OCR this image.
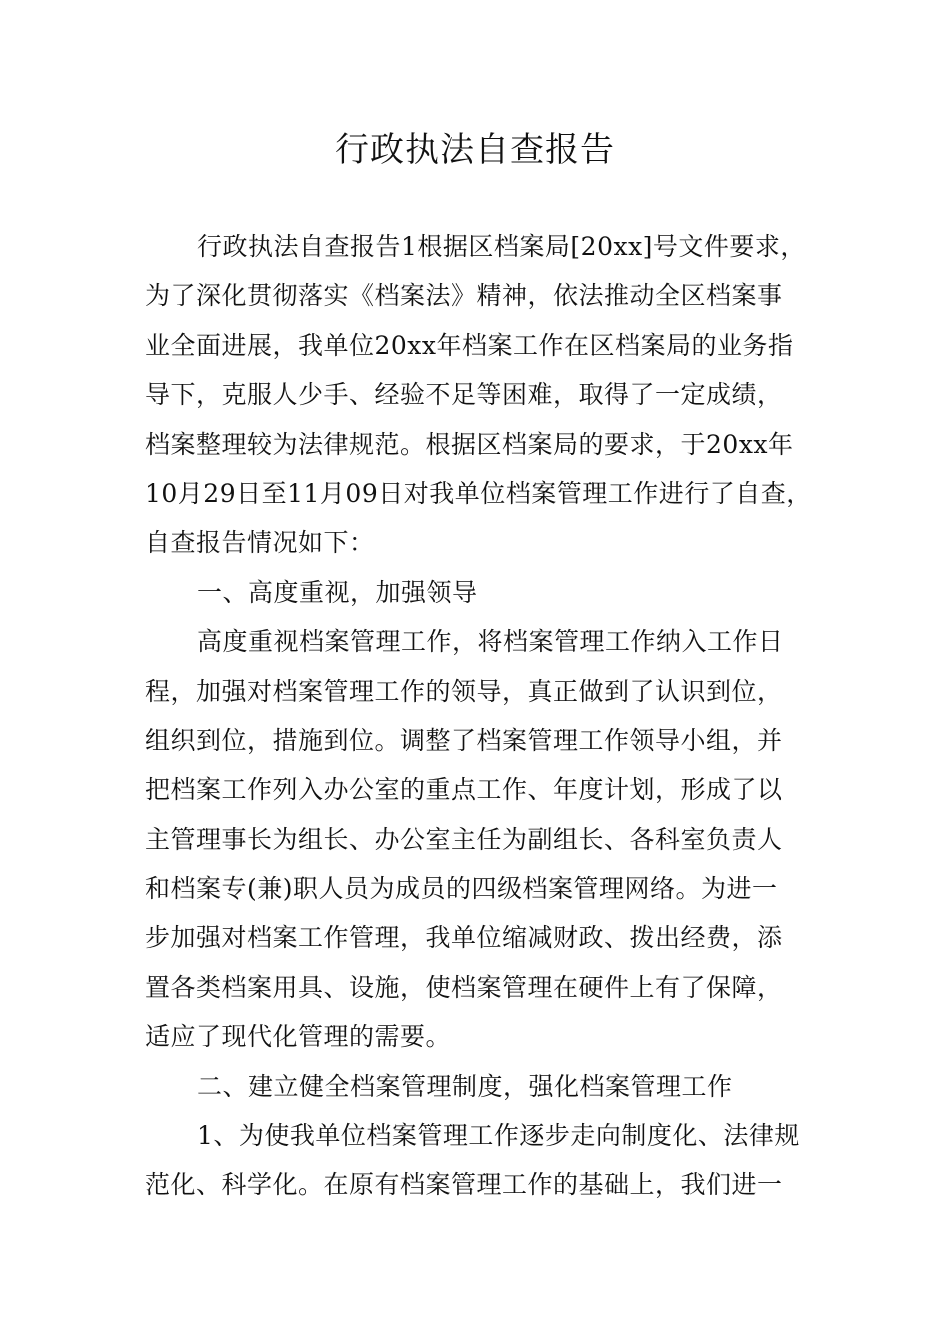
行政执法自查报告
行政执法自查报告1根据区档案局[20xx]号文件要求，
为了深化贯彻落实《档案法》精神，依法推动全区档案事
业全面进展，我单位20xx年档案工作在区档案局的业务指
导下，克服人少手、经验不足等困难，取得了一定成绩，
档案整理较为法律规范。根据区档案局的要求，于20xx年
10月29日至11月09日对我单位档案管理工作进行了自查，
自查报告情况如下：
一、高度重视，加强领导
高度重视档案管理工作，将档案管理工作纳入工作日
程，加强对档案管理工作的领导，真正做到了认识到位，
组织到位，措施到位。调整了档案管理工作领导小组，并
把档案工作列入办公室的重点工作、年度计划，形成了以
主管理事长为组长、办公室主任为副组长、各科室负责人
和档案专(兼)职人员为成员的四级档案管理网络。为进一
步加强对档案工作管理，我单位缩减财政、拨出经费，添
置各类档案用具、设施，使档案管理在硬件上有了保障，
适应了现代化管理的需要。
二、建立健全档案管理制度，强化档案管理工作
1、为使我单位档案管理工作逐步走向制度化、法律规
范化、科学化。在原有档案管理工作的基础上，我们进一
